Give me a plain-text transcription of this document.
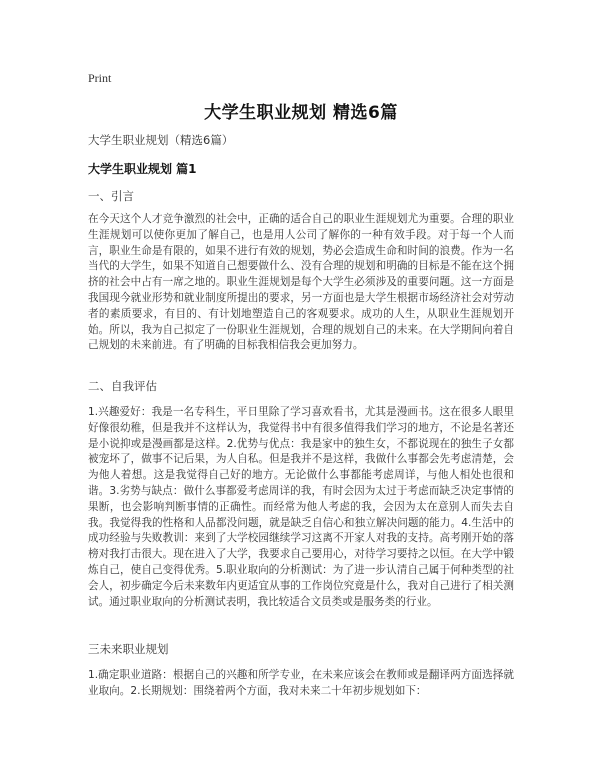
Print
大学生职业规划 精选6篇
大学生职业规划（精选6篇）
大学生职业规划 篇1
一、引言
在今天这个人才竞争激烈的社会中，正确的适合自己的职业生涯规划尤为重要。合理的职业生涯规划可以使你更加了解自己，也是用人公司了解你的一种有效手段。对于每一个人而言，职业生命是有限的，如果不进行有效的规划，势必会造成生命和时间的浪费。作为一名当代的大学生，如果不知道自己想要做什么、没有合理的规划和明确的目标是不能在这个拥挤的社会中占有一席之地的。职业生涯规划是每个大学生必须涉及的重要问题。这一方面是我国现今就业形势和就业制度所提出的要求，另一方面也是大学生根据市场经济社会对劳动者的素质要求，有目的、有计划地塑造自己的客观要求。成功的人生，从职业生涯规划开始。所以，我为自己拟定了一份职业生涯规划，合理的规划自己的未来。在大学期间向着自己规划的未来前进。有了明确的目标我相信我会更加努力。
二、自我评估
1.兴趣爱好：我是一名专科生，平日里除了学习喜欢看书，尤其是漫画书。这在很多人眼里好像很幼稚，但是我并不这样认为，我觉得书中有很多值得我们学习的地方，不论是名著还是小说抑或是漫画都是这样。2.优势与优点：我是家中的独生女，不都说现在的独生子女都被宠坏了，做事不记后果，为人自私。但是我并不是这样，我做什么事都会先考虑清楚，会为他人着想。这是我觉得自己好的地方。无论做什么事都能考虑周详，与他人相处也很和谐。3.劣势与缺点：做什么事都爱考虑周详的我，有时会因为太过于考虑而缺乏决定事情的果断，也会影响判断事情的正确性。而经常为他人考虑的我，会因为太在意别人而失去自我。我觉得我的性格和人品都没问题，就是缺乏自信心和独立解决问题的能力。4.生活中的成功经验与失败教训：来到了大学校园继续学习这离不开家人对我的支持。高考刚开始的落榜对我打击很大。现在进入了大学，我要求自己要用心，对待学习要持之以恒。在大学中锻炼自己，使自己变得优秀。5.职业取向的分析测试：为了进一步认清自己属于何种类型的社会人，初步确定今后未来数年内更适宜从事的工作岗位究竟是什么，我对自己进行了相关测试。通过职业取向的分析测试表明，我比较适合文员类或是服务类的行业。
三未来职业规划
1.确定职业道路：根据自己的兴趣和所学专业，在未来应该会在教师或是翻译两方面选择就业取向。2.长期规划：围绕着两个方面，我对未来二十年初步规划如下：
